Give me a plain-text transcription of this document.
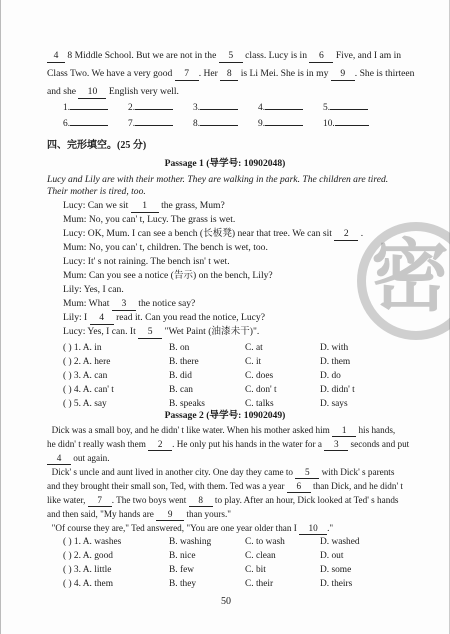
4 8 Middle School. But we are not in the 5 class. Lucy is in 6 Five, and I am in
Class Two. We have a very good 7 . Her 8 is Li Mei. She is in my 9 . She is thirteen
and she 10 English very well.
1.	2.	3.	4.	5.
6.	7.	8.	9.	10.
四、完形填空。(25 分)
Passage 1 (导学号: 10902048)
Lucy and Lily are with their mother. They are walking in the park. The children are tired.
Their mother is tired, too.
Lucy: Can we sit 1 the grass, Mum?
Mum: No, you can' t, Lucy. The grass is wet.
Lucy: OK, Mum. I can see a bench (长板凳) near that tree. We can sit 2 .
Mum: No, you can' t, children. The bench is wet, too.
Lucy: It' s not raining. The bench isn' t wet.
Mum: Can you see a notice (告示) on the bench, Lily?
Lily: Yes, I can.
Mum: What 3 the notice say?
Lily: I 4 read it. Can you read the notice, Lucy?
Lucy: Yes, I can. It 5 "Wet Paint (油漆未干)".
( ) 1. A. in	B. on	C. at	D. with
( ) 2. A. here	B. there	C. it	D. them
( ) 3. A. can	B. did	C. does	D. do
( ) 4. A. can' t	B. can	C. don' t	D. didn' t
( ) 5. A. say	B. speaks	C. talks	D. says
Passage 2 (导学号: 10902049)
Dick was a small boy, and he didn' t like water. When his mother asked him 1 his hands,
he didn' t really wash them 2 . He only put his hands in the water for a 3 seconds and put
4 out again.
Dick' s uncle and aunt lived in another city. One day they came to 5 with Dick' s parents
and they brought their small son, Ted, with them. Ted was a year 6 than Dick, and he didn' t
like water, 7 . The two boys went 8 to play. After an hour, Dick looked at Ted' s hands
and then said, "My hands are 9 than yours."
"Of course they are," Ted answered, "You are one year older than I 10 ."
( ) 1. A. washes	B. washing	C. to wash	D. washed
( ) 2. A. good	B. nice	C. clean	D. out
( ) 3. A. little	B. few	C. bit	D. some
( ) 4. A. them	B. they	C. their	D. theirs
密
50
